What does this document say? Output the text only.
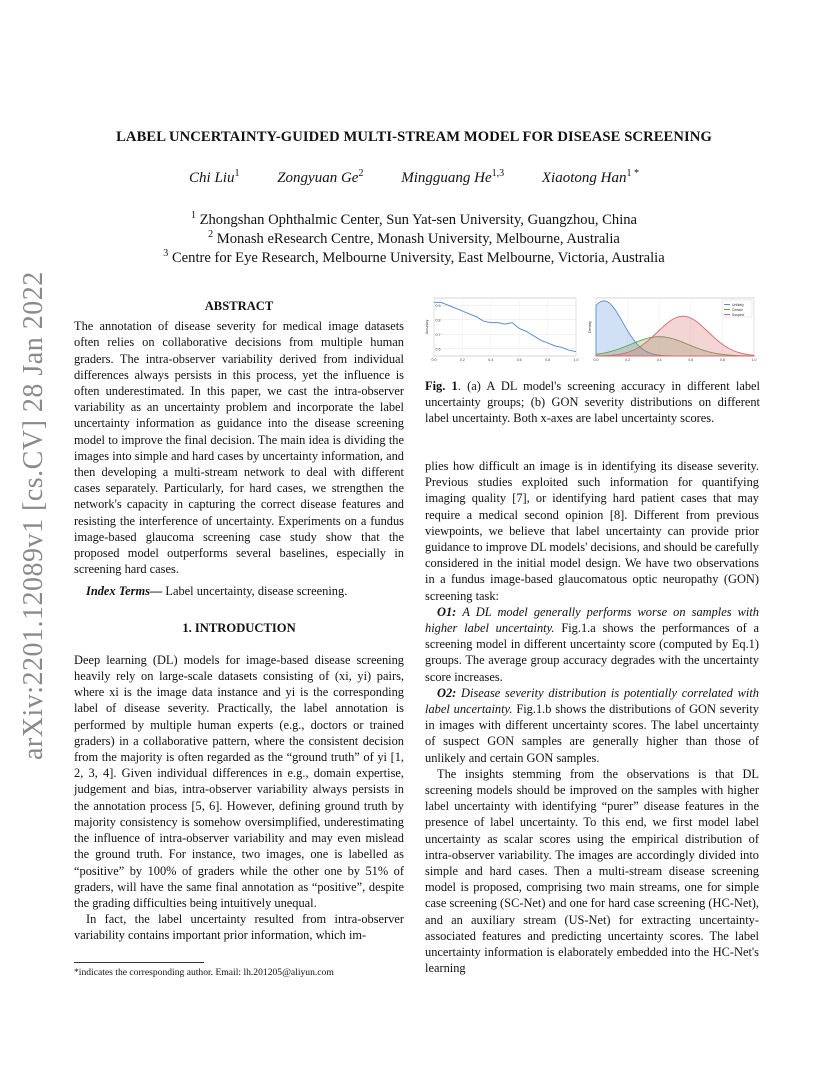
LABEL UNCERTAINTY-GUIDED MULTI-STREAM MODEL FOR DISEASE SCREENING
Chi Liu$^1$	Zongyuan Ge$^2$	Mingguang He$^{1,3}$	Xiaotong Han$^{1 *}$
$^1$ Zhongshan Ophthalmic Center, Sun Yat-sen University, Guangzhou, China
$^2$ Monash eResearch Centre, Monash University, Melbourne, Australia
$^3$ Centre for Eye Research, Melbourne University, East Melbourne, Victoria, Australia
arXiv:2201.12089v1 [cs.CV] 28 Jan 2022	ABSTRACT

The annotation of disease severity for medical image datasets often relies on collaborative decisions from multiple human graders. The intra-observer variability derived from individual differences always persists in this process, yet the influence is often underestimated. In this paper, we cast the intra-observer variability as an uncertainty problem and incorporate the label uncertainty information as guidance into the disease screening model to improve the final decision. The main idea is dividing the images into simple and hard cases by uncertainty information, and then developing a multi-stream network to deal with different cases separately. Particularly, for hard cases, we strengthen the network's capacity in capturing the correct disease features and resisting the interference of uncertainty. Experiments on a fundus image-based glaucoma screening case study show that the proposed model outperforms several baselines, especially in screening hard cases.

Index Terms— Label uncertainty, disease screening.

1. INTRODUCTION

Deep learning (DL) models for image-based disease screening heavily rely on large-scale datasets consisting of (xi, yi) pairs, where xi is the image data instance and yi is the corresponding label of disease severity. Practically, the label annotation is performed by multiple human experts (e.g., doctors or trained graders) in a collaborative pattern, where the consistent decision from the majority is often regarded as the “ground truth” of yi [1, 2, 3, 4]. Given individual differences in e.g., domain expertise, judgement and bias, intra-observer variability always persists in the annotation process [5, 6]. However, defining ground truth by majority consistency is somehow oversimplified, underestimating the influence of intra-observer variability and may even mislead the ground truth. For instance, two images, one is labelled as “positive” by 100% of graders while the other one by 51% of graders, will have the same final annotation as “positive”, despite the grading difficulties being intuitively unequal.

In fact, the label uncertainty resulted from intra-observer variability contains important prior information, which im-

*indicates the corresponding author. Email: lh.201205@aliyun.com
0.6
0.7
0.8
0.9
0.0	0.2	0.4	0.6	0.8	1.0
Accuracy
0.0	0.2	0.4	0.6	0.8	1.0
Density
Unlikely
Certain
Suspect
Fig. 1. (a) A DL model's screening accuracy in different label uncertainty groups; (b) GON severity distributions on different label uncertainty. Both x-axes are label uncertainty scores.

plies how difficult an image is in identifying its disease severity. Previous studies exploited such information for quantifying imaging quality [7], or identifying hard patient cases that may require a medical second opinion [8]. Different from previous viewpoints, we believe that label uncertainty can provide prior guidance to improve DL models' decisions, and should be carefully considered in the initial model design. We have two observations in a fundus image-based glaucomatous optic neuropathy (GON) screening task:

O1: A DL model generally performs worse on samples with higher label uncertainty. Fig.1.a shows the performances of a screening model in different uncertainty score (computed by Eq.1) groups. The average group accuracy degrades with the uncertainty score increases.

O2: Disease severity distribution is potentially correlated with label uncertainty. Fig.1.b shows the distributions of GON severity in images with different uncertainty scores. The label uncertainty of suspect GON samples are generally higher than those of unlikely and certain GON samples.

The insights stemming from the observations is that DL screening models should be improved on the samples with higher label uncertainty with identifying “purer” disease features in the presence of label uncertainty. To this end, we first model label uncertainty as scalar scores using the empirical distribution of intra-observer variability. The images are accordingly divided into simple and hard cases. Then a multi-stream disease screening model is proposed, comprising two main streams, one for simple case screening (SC-Net) and one for hard case screening (HC-Net), and an auxiliary stream (US-Net) for extracting uncertainty-associated features and predicting uncertainty scores. The label uncertainty information is elaborately embedded into the HC-Net's learning
